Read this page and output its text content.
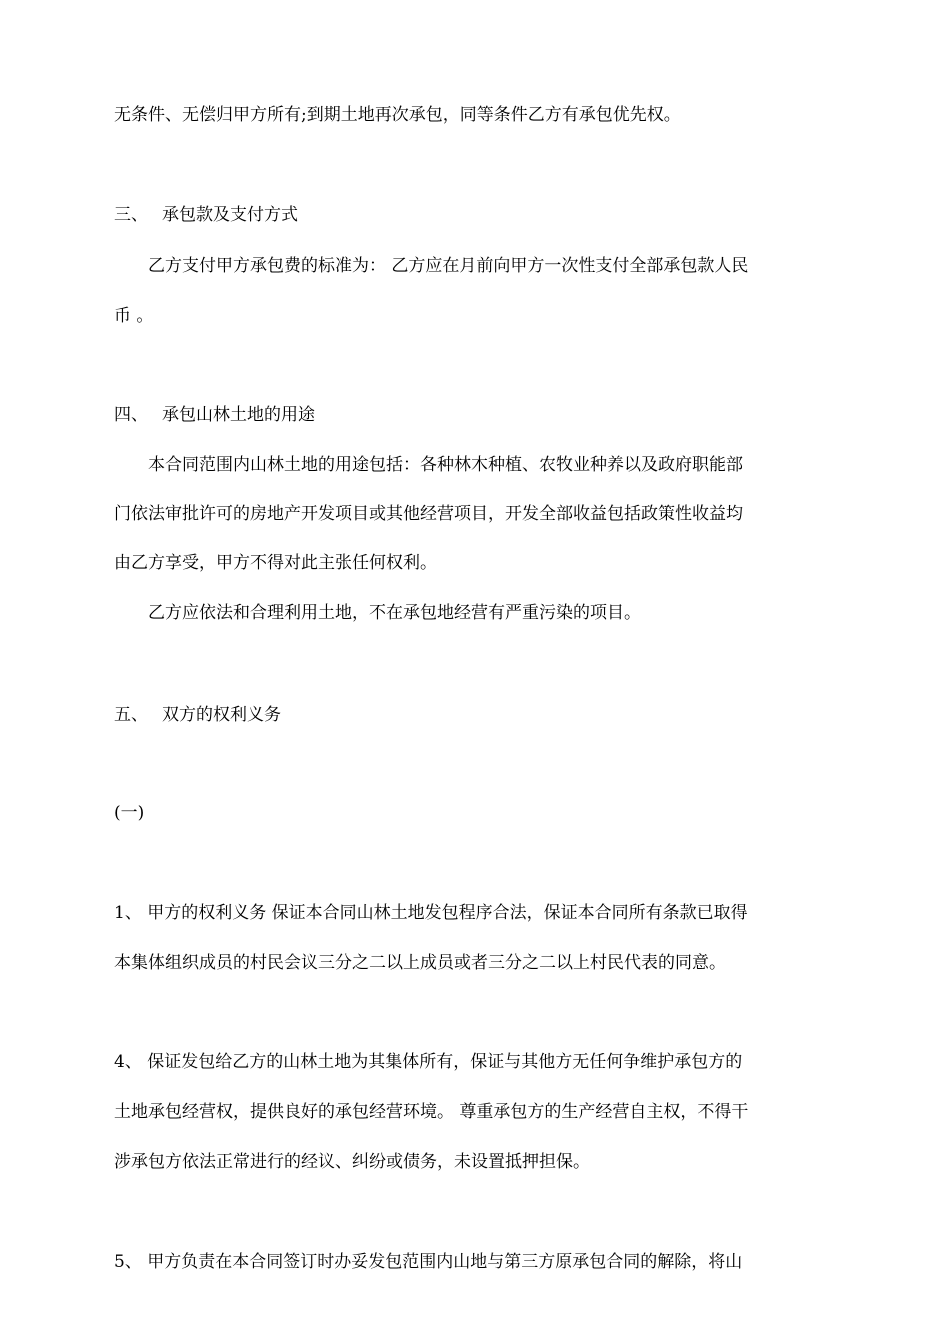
无条件、无偿归甲方所有;到期土地再次承包，同等条件乙方有承包优先权。
三、 承包款及支付方式
乙方支付甲方承包费的标准为： 乙方应在月前向甲方一次性支付全部承包款人民
币 。
四、 承包山林土地的用途
本合同范围内山林土地的用途包括：各种林木种植、农牧业种养以及政府职能部
门依法审批许可的房地产开发项目或其他经营项目，开发全部收益包括政策性收益均
由乙方享受，甲方不得对此主张任何权利。
乙方应依法和合理利用土地，不在承包地经营有严重污染的项目。
五、 双方的权利义务
(一)
1、 甲方的权利义务 保证本合同山林土地发包程序合法，保证本合同所有条款已取得
本集体组织成员的村民会议三分之二以上成员或者三分之二以上村民代表的同意。
4、 保证发包给乙方的山林土地为其集体所有，保证与其他方无任何争维护承包方的
土地承包经营权，提供良好的承包经营环境。 尊重承包方的生产经营自主权，不得干
涉承包方依法正常进行的经议、纠纷或债务，未设置抵押担保。
5、 甲方负责在本合同签订时办妥发包范围内山地与第三方原承包合同的解除，将山
